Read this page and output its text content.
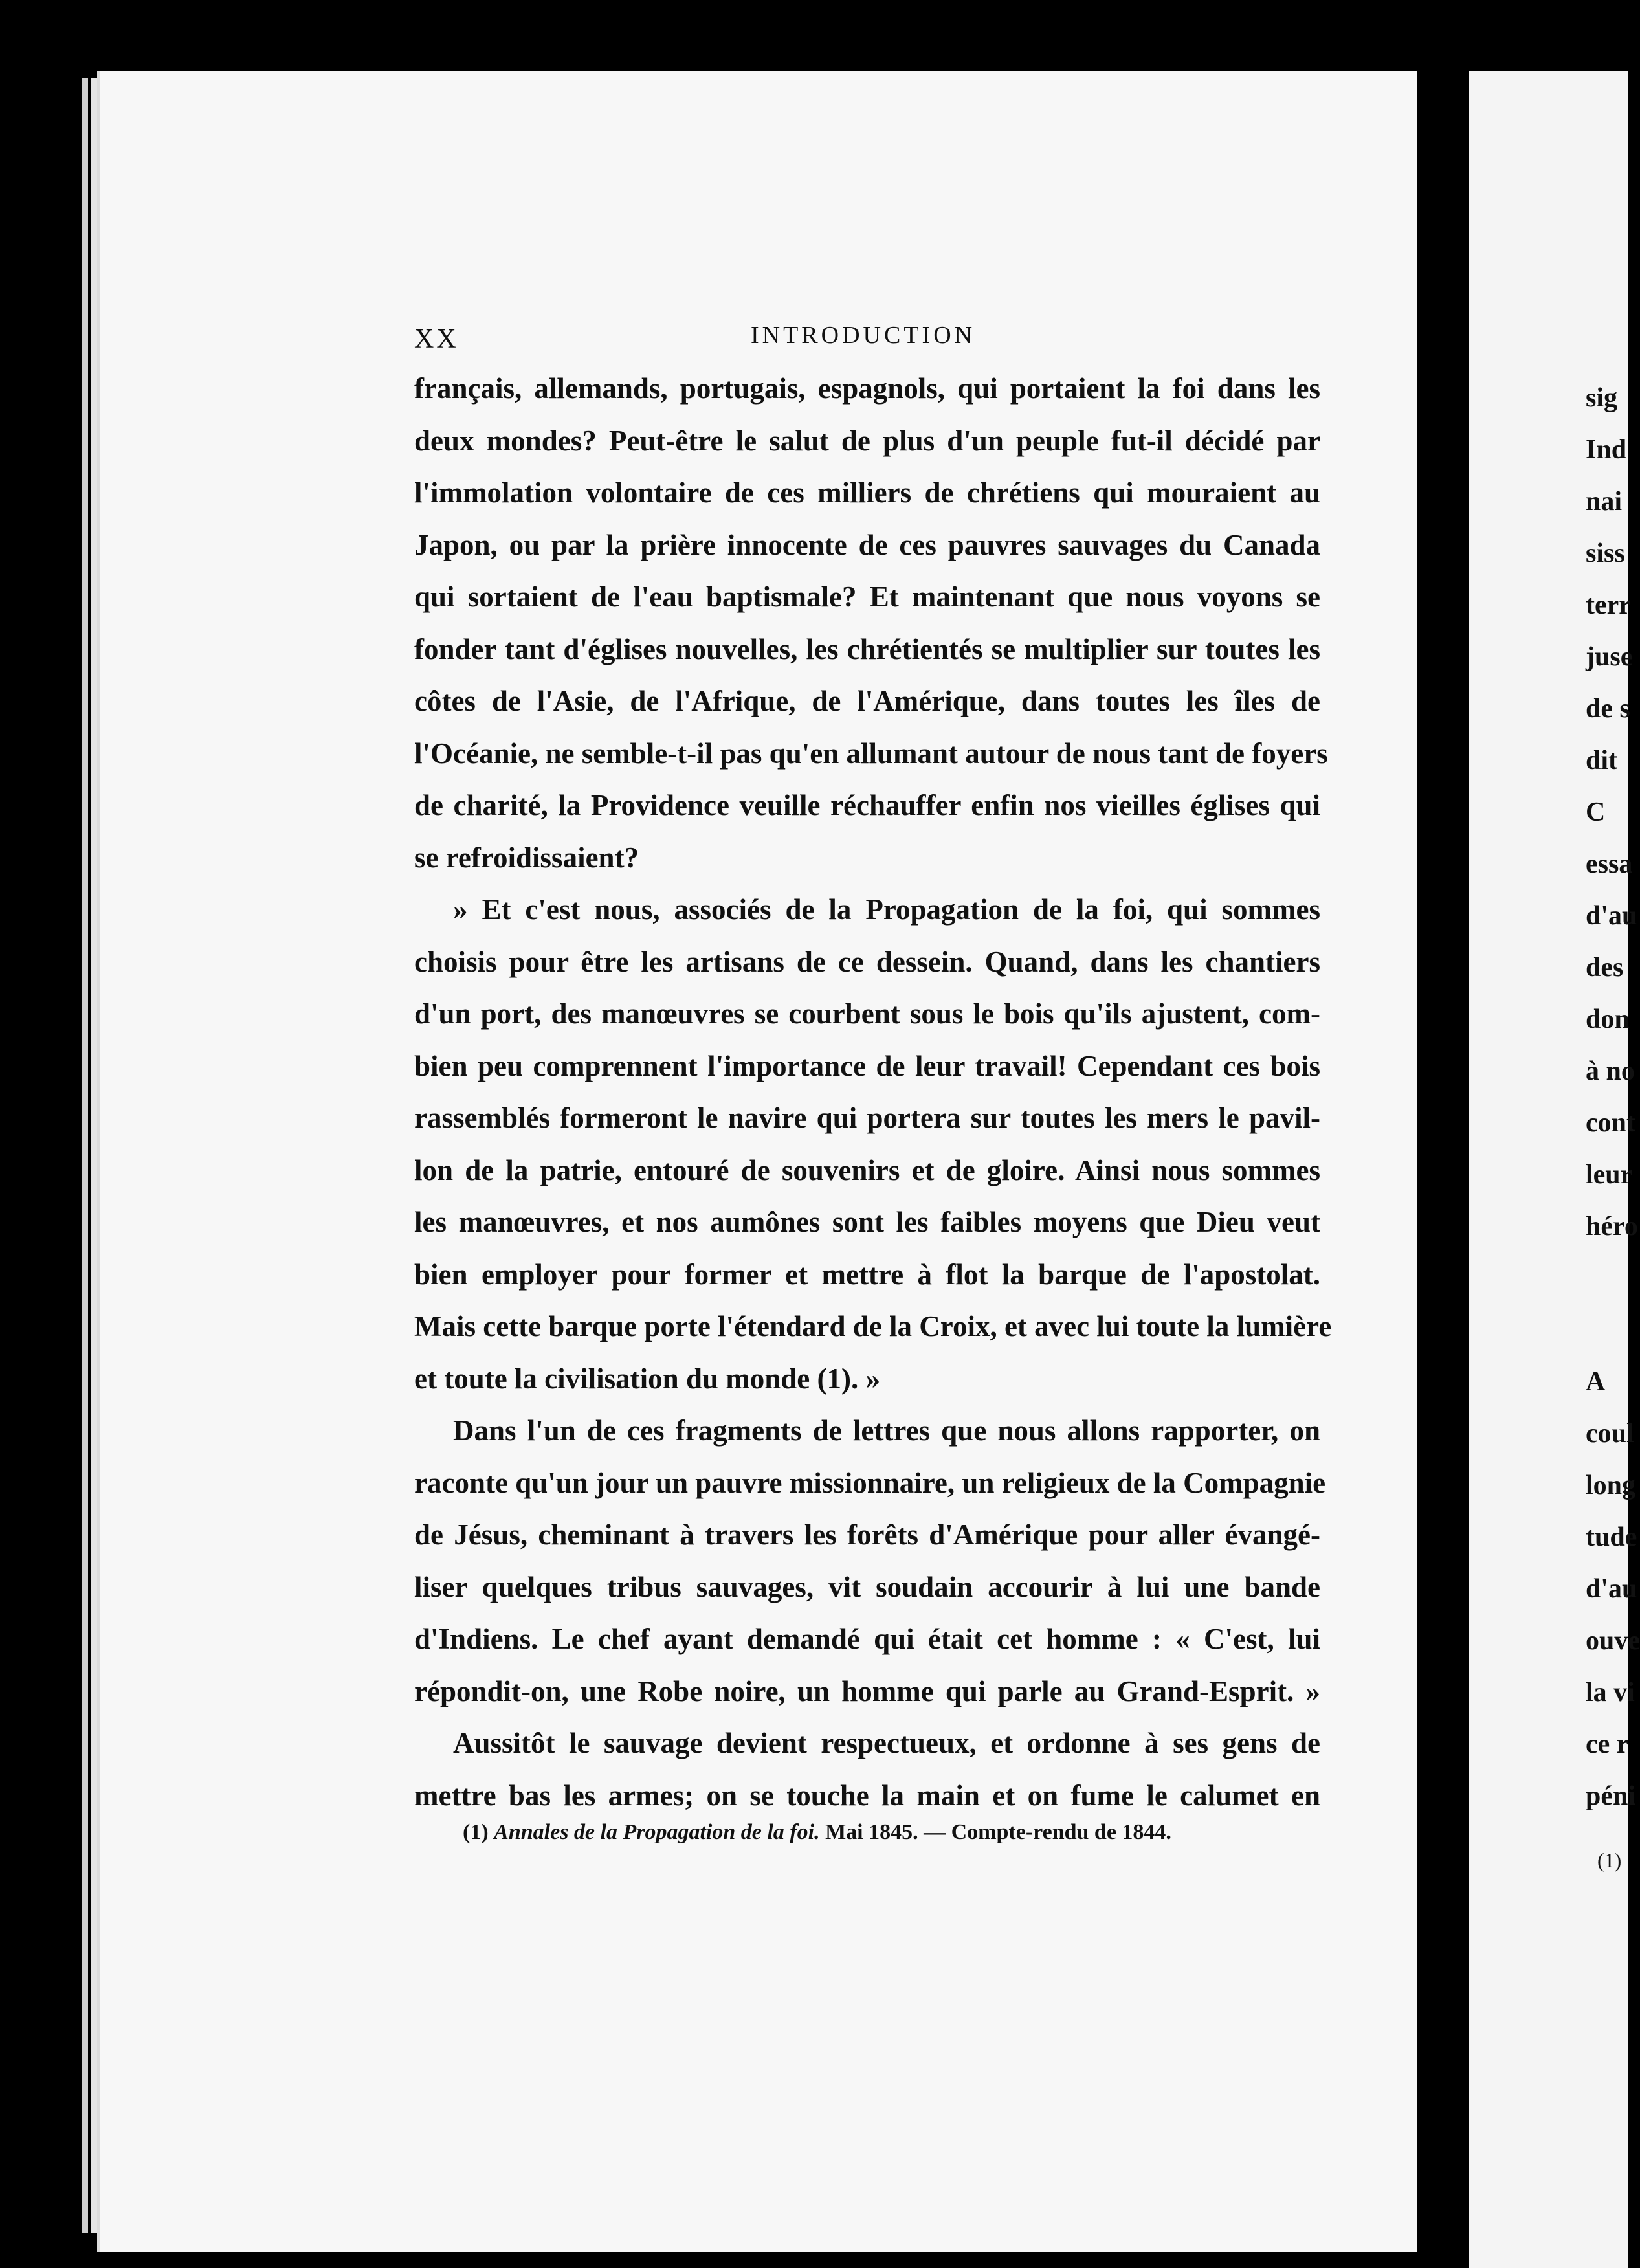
XX	INTRODUCTION
français, allemands, portugais, espagnols, qui portaient la foi dans les
deux mondes? Peut-être le salut de plus d'un peuple fut-il décidé par
l'immolation volontaire de ces milliers de chrétiens qui mouraient au
Japon, ou par la prière innocente de ces pauvres sauvages du Canada
qui sortaient de l'eau baptismale? Et maintenant que nous voyons se
fonder tant d'églises nouvelles, les chrétientés se multiplier sur toutes les
côtes de l'Asie, de l'Afrique, de l'Amérique, dans toutes les îles de
l'Océanie, ne semble-t-il pas qu'en allumant autour de nous tant de foyers
de charité, la Providence veuille réchauffer enfin nos vieilles églises qui
se refroidissaient?
» Et c'est nous, associés de la Propagation de la foi, qui sommes
choisis pour être les artisans de ce dessein. Quand, dans les chantiers
d'un port, des manœuvres se courbent sous le bois qu'ils ajustent, com-
bien peu comprennent l'importance de leur travail! Cependant ces bois
rassemblés formeront le navire qui portera sur toutes les mers le pavil-
lon de la patrie, entouré de souvenirs et de gloire. Ainsi nous sommes
les manœuvres, et nos aumônes sont les faibles moyens que Dieu veut
bien employer pour former et mettre à flot la barque de l'apostolat.
Mais cette barque porte l'étendard de la Croix, et avec lui toute la lumière
et toute la civilisation du monde (1). »
Dans l'un de ces fragments de lettres que nous allons rapporter, on
raconte qu'un jour un pauvre missionnaire, un religieux de la Compagnie
de Jésus, cheminant à travers les forêts d'Amérique pour aller évangé-
liser quelques tribus sauvages, vit soudain accourir à lui une bande
d'Indiens. Le chef ayant demandé qui était cet homme : « C'est, lui
répondit-on, une Robe noire, un homme qui parle au Grand-Esprit. »
Aussitôt le sauvage devient respectueux, et ordonne à ses gens de
mettre bas les armes; on se touche la main et on fume le calumet en
(1) Annales de la Propagation de la foi. Mai 1845. — Compte-rendu de 1844.
sig
Ind
nai
siss
terr
juse
de s
dit
C
essa
d'au
des
don
à no
cont
leur
héro
A
coul
long
tude
d'au
ouve
la vi
ce r
péni
(1)
